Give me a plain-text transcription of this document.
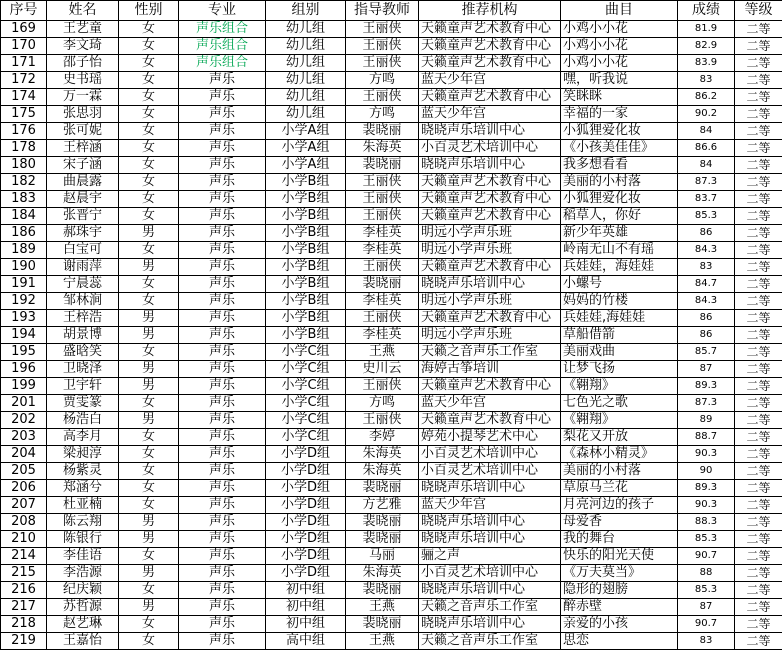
序号	姓名	性别	专业	组别	指导教师	推荐机构	曲目	成绩	等级
169	王艺童	女	声乐组合	幼儿组	王丽侠	天籁童声艺术教育中心	小鸡小小花	81.9	二等
170	李文琦	女	声乐组合	幼儿组	王丽侠	天籁童声艺术教育中心	小鸡小小花	82.9	二等
171	邵子怡	女	声乐组合	幼儿组	王丽侠	天籁童声艺术教育中心	小鸡小小花	83.9	二等
172	史书瑶	女	声乐	幼儿组	方鸣	蓝天少年宫	嘿，听我说	83	二等
174	万一霖	女	声乐	幼儿组	王丽侠	天籁童声艺术教育中心	笑眯眯	86.2	二等
175	张思羽	女	声乐	幼儿组	方鸣	蓝天少年宫	幸福的一家	90.2	二等
176	张可妮	女	声乐	小学A组	裴晓丽	晓晓声乐培训中心	小狐狸爱化妆	84	二等
178	王梓涵	女	声乐	小学A组	朱海英	小百灵艺术培训中心	《小孩美佳佳》	86.6	二等
180	宋子涵	女	声乐	小学A组	裴晓丽	晓晓声乐培训中心	我多想看看	84	二等
182	曲晨露	女	声乐	小学B组	王丽侠	天籁童声艺术教育中心	美丽的小村落	87.3	二等
183	赵晨宇	女	声乐	小学B组	王丽侠	天籁童声艺术教育中心	小狐狸爱化妆	83.7	二等
184	张晋宁	女	声乐	小学B组	王丽侠	天籁童声艺术教育中心	稻草人，你好	85.3	二等
186	郝珠宇	男	声乐	小学B组	李桂英	明远小学声乐班	新少年英雄	86	二等
189	白宝可	女	声乐	小学B组	李桂英	明远小学声乐班	岭南无山不有瑶	84.3	二等
190	谢雨萍	男	声乐	小学B组	王丽侠	天籁童声艺术教育中心	兵娃娃，海娃娃	83	二等
191	宁晨蕊	女	声乐	小学B组	裴晓丽	晓晓声乐培训中心	小螺号	84.7	二等
192	邹林涧	女	声乐	小学B组	李桂英	明远小学声乐班	妈妈的竹楼	84.3	二等
193	王梓浩	男	声乐	小学B组	王丽侠	天籁童声艺术教育中心	兵娃娃,海娃娃	86	二等
194	胡景博	男	声乐	小学B组	李桂英	明远小学声乐班	草船借箭	86	二等
195	盛晗笑	女	声乐	小学C组	王燕	天籁之音声乐工作室	美丽戏曲	85.7	二等
196	卫晓泽	男	声乐	小学C组	史川云	海婷古筝培训	让梦飞扬	87	二等
199	卫宇轩	男	声乐	小学C组	王丽侠	天籁童声艺术教育中心	《翱翔》	89.3	二等
201	贾雯篆	女	声乐	小学C组	方鸣	蓝天少年宫	七色光之歌	87.3	二等
202	杨浩白	男	声乐	小学C组	王丽侠	天籁童声艺术教育中心	《翱翔》	89	二等
203	高李月	女	声乐	小学C组	李婷	婷苑小提琴艺术中心	梨花又开放	88.7	二等
204	梁昶淳	女	声乐	小学D组	朱海英	小百灵艺术培训中心	《森林小精灵》	90.3	二等
205	杨紫灵	女	声乐	小学D组	朱海英	小百灵艺术培训中心	美丽的小村落	90	二等
206	郑涵兮	女	声乐	小学D组	裴晓丽	晓晓声乐培训中心	草原马兰花	89.3	二等
207	杜亚楠	女	声乐	小学D组	方艺雅	蓝天少年宫	月亮河边的孩子	90.3	二等
208	陈云翔	男	声乐	小学D组	裴晓丽	晓晓声乐培训中心	母爱香	88.3	二等
210	陈银行	男	声乐	小学D组	裴晓丽	晓晓声乐培训中心	我的舞台	85.3	二等
214	李佳语	女	声乐	小学D组	马丽	骊之声	快乐的阳光天使	90.7	二等
215	李浩源	男	声乐	小学D组	朱海英	小百灵艺术培训中心	《万夫莫当》	88	二等
216	纪庆颖	女	声乐	初中组	裴晓丽	晓晓声乐培训中心	隐形的翅膀	85.3	二等
217	苏哲源	男	声乐	初中组	王燕	天籁之音声乐工作室	醉赤壁	87	二等
218	赵艺琳	女	声乐	初中组	裴晓丽	晓晓声乐培训中心	亲爱的小孩	90.7	二等
219	王嘉怡	女	声乐	高中组	王燕	天籁之音声乐工作室	思恋	83	二等
